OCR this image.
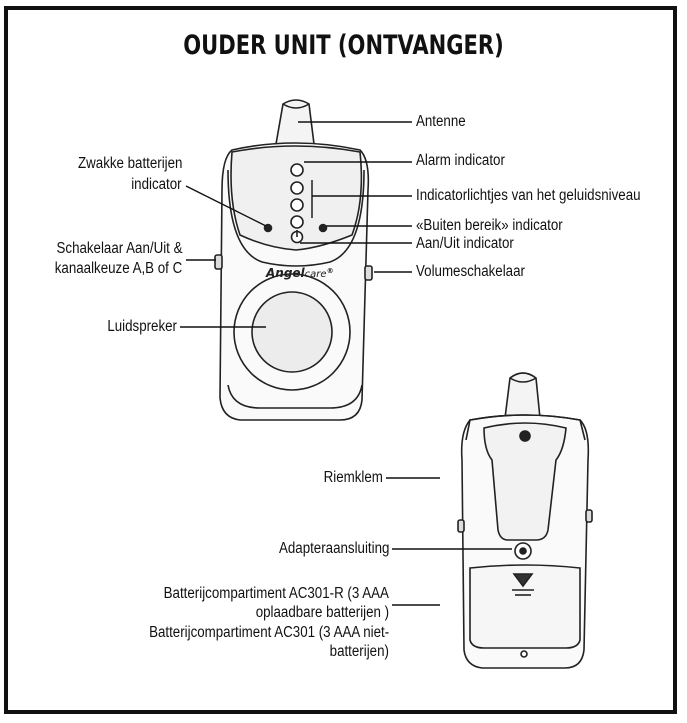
OUDER UNIT (ONTVANGER)
Angelcare®
Antenne
Alarm indicator
Indicatorlichtjes van het geluidsniveau
«Buiten bereik» indicator
Aan/Uit indicator
Volumeschakelaar
Zwakke batterijen
indicator
Schakelaar Aan/Uit &
kanaalkeuze A,B of C
Luidspreker
Riemklem
Adapteraansluiting
Batterijcompartiment AC301-R (3 AAA
oplaadbare batterijen )
Batterijcompartiment AC301 (3 AAA niet-
batterijen)
